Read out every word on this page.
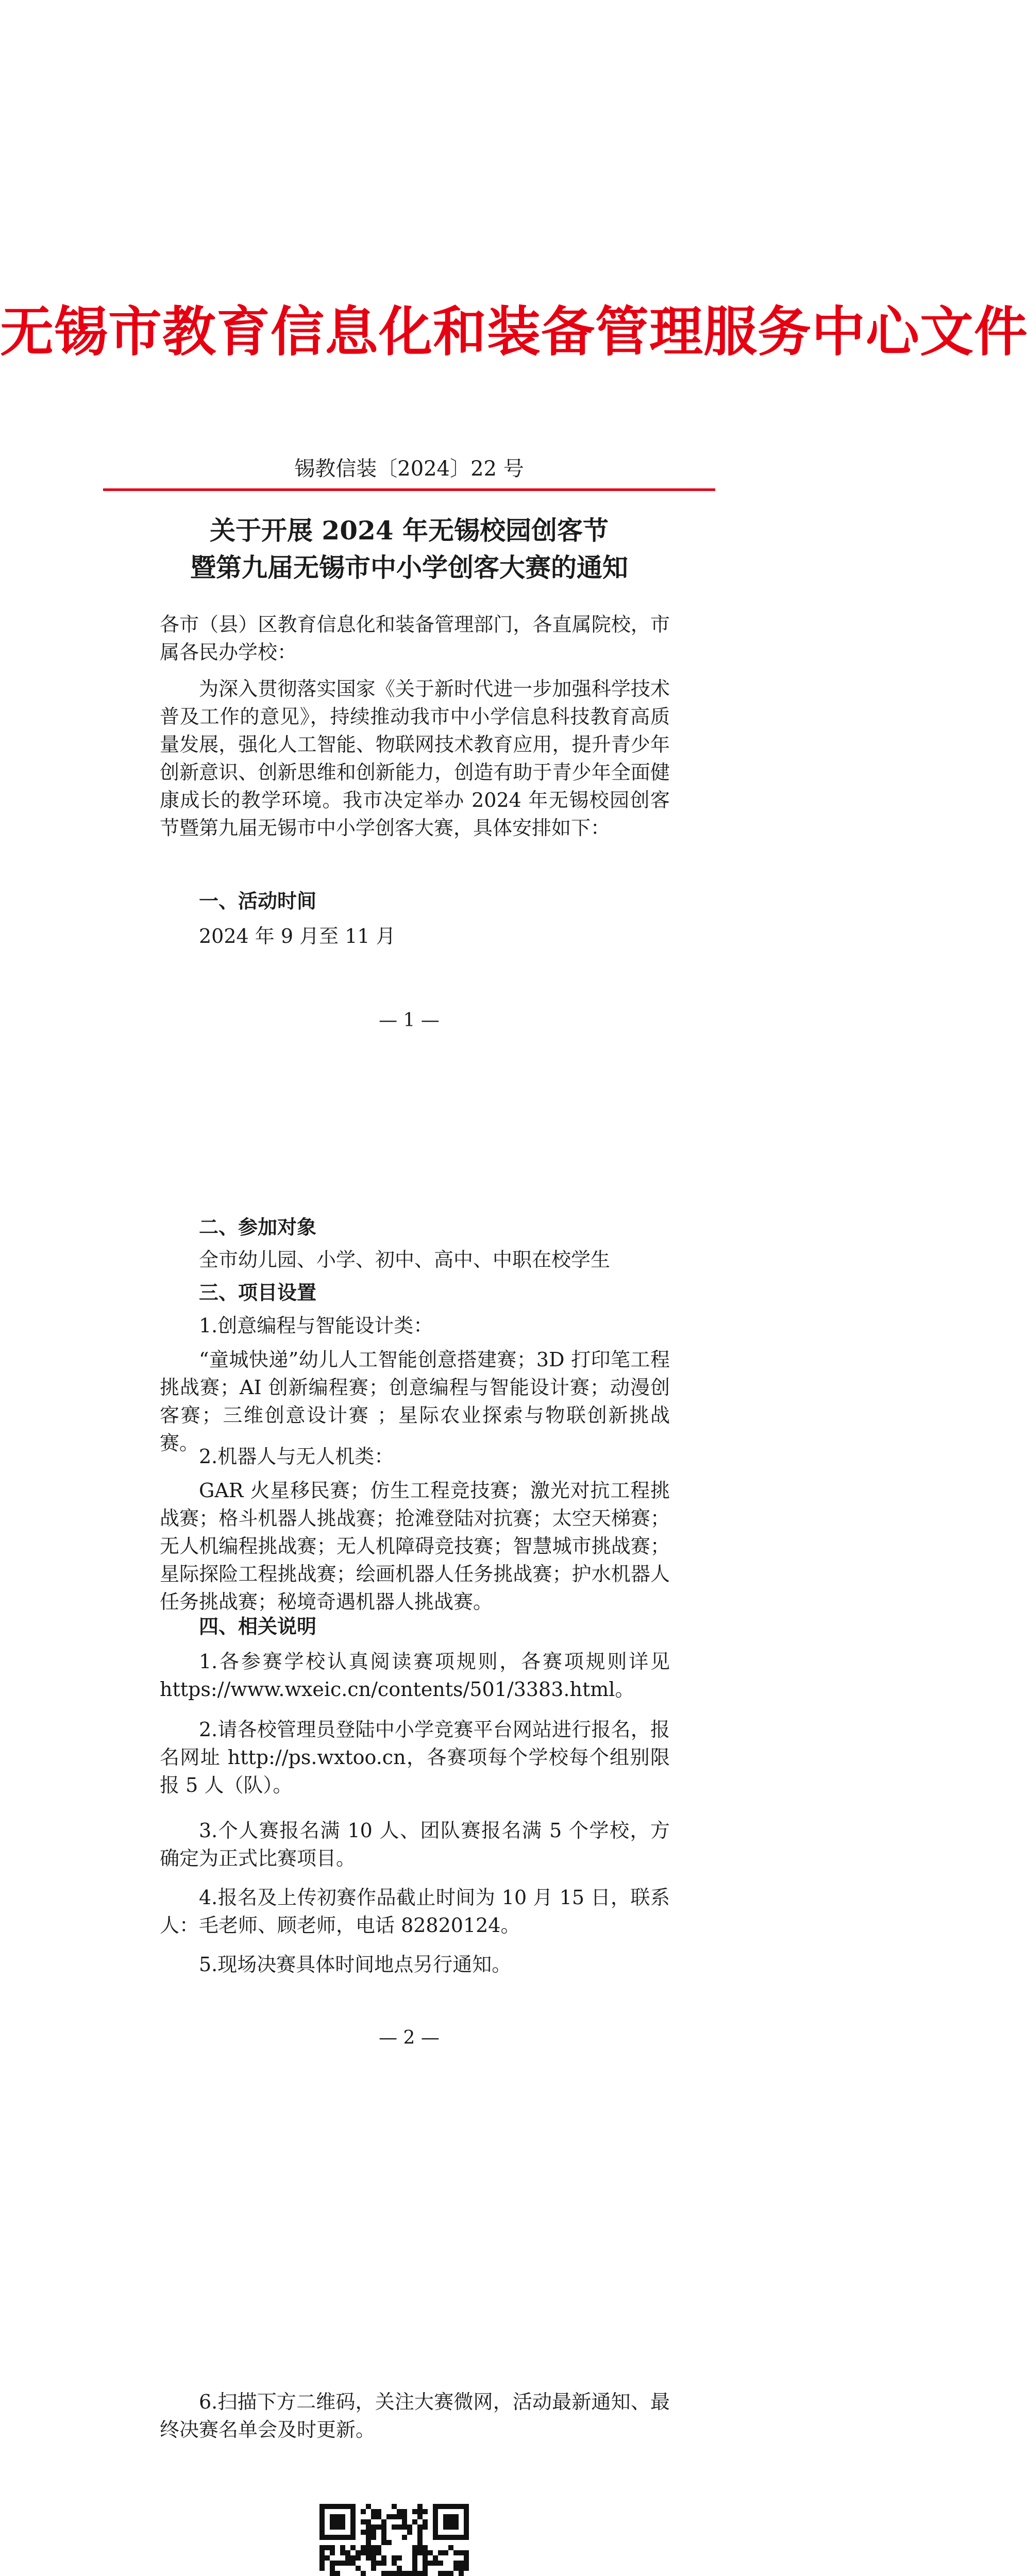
无锡市教育信息化和装备管理服务中心文件
锡教信装〔2024〕22 号
关于开展 2024 年无锡校园创客节
暨第九届无锡市中小学创客大赛的通知
各市（县）区教育信息化和装备管理部门，各直属院校，市属各民办学校：
为深入贯彻落实国家《关于新时代进一步加强科学技术普及工作的意见》，持续推动我市中小学信息科技教育高质量发展，强化人工智能、物联网技术教育应用，提升青少年创新意识、创新思维和创新能力，创造有助于青少年全面健康成长的教学环境。我市决定举办 2024 年无锡校园创客节暨第九届无锡市中小学创客大赛，具体安排如下：
一、活动时间
2024 年 9 月至 11 月
— 1 —
二、参加对象
全市幼儿园、小学、初中、高中、中职在校学生
三、项目设置
1.创意编程与智能设计类：
“童城快递”幼儿人工智能创意搭建赛；3D 打印笔工程挑战赛；AI 创新编程赛；创意编程与智能设计赛；动漫创客赛；三维创意设计赛 ；星际农业探索与物联创新挑战赛。
2.机器人与无人机类：
GAR 火星移民赛；仿生工程竞技赛；激光对抗工程挑战赛；格斗机器人挑战赛；抢滩登陆对抗赛；太空天梯赛；无人机编程挑战赛；无人机障碍竞技赛；智慧城市挑战赛；星际探险工程挑战赛；绘画机器人任务挑战赛；护水机器人任务挑战赛；秘境奇遇机器人挑战赛。
四、相关说明
1.各参赛学校认真阅读赛项规则，各赛项规则详见 https://www.wxeic.cn/contents/501/3383.html。
2.请各校管理员登陆中小学竞赛平台网站进行报名，报名网址 http://ps.wxtoo.cn，各赛项每个学校每个组别限报 5 人（队）。
3.个人赛报名满 10 人、团队赛报名满 5 个学校，方确定为正式比赛项目。
4.报名及上传初赛作品截止时间为 10 月 15 日，联系人：毛老师、顾老师，电话 82820124。
5.现场决赛具体时间地点另行通知。
— 2 —
6.扫描下方二维码，关注大赛微网，活动最新通知、最终决赛名单会及时更新。
